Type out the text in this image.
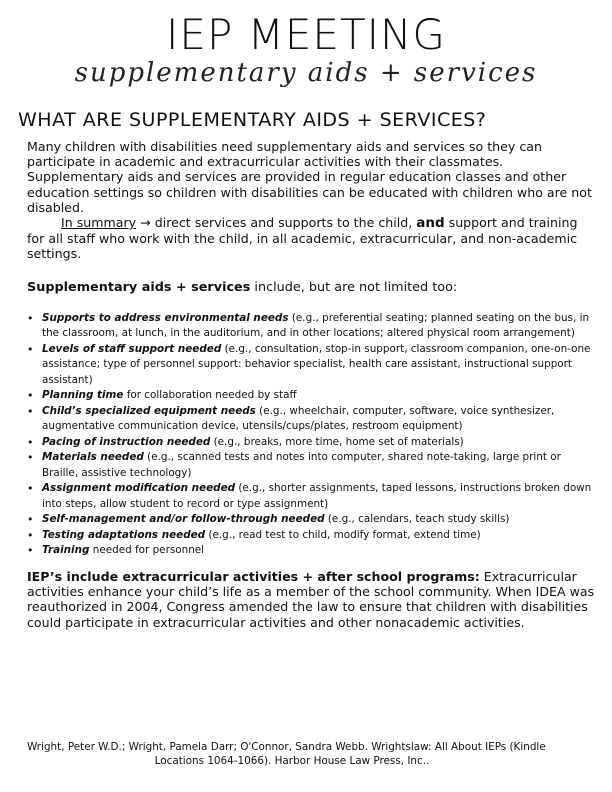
IEP MEETING
supplementary aids + services
WHAT ARE SUPPLEMENTARY AIDS + SERVICES?

Many children with disabilities need supplementary aids and services so they can participate in academic and extracurricular activities with their classmates. Supplementary aids and services are provided in regular education classes and other education settings so children with disabilities can be educated with children who are not disabled.

In summary → direct services and supports to the child, and support and training for all staff who work with the child, in all academic, extracurricular, and non-academic settings.

Supplementary aids + services include, but are not limited too:

• Supports to address environmental needs (e.g., preferential seating; planned seating on the bus, in the classroom, at lunch, in the auditorium, and in other locations; altered physical room arrangement)
• Levels of staff support needed (e.g., consultation, stop-in support, classroom companion, one-on-one assistance; type of personnel support: behavior specialist, health care assistant, instructional support assistant)
• Planning time for collaboration needed by staff
• Child’s specialized equipment needs (e.g., wheelchair, computer, software, voice synthesizer, augmentative communication device, utensils/cups/plates, restroom equipment)
• Pacing of instruction needed (e.g., breaks, more time, home set of materials)
• Materials needed (e.g., scanned tests and notes into computer, shared note-taking, large print or Braille, assistive technology)
• Assignment modification needed (e.g., shorter assignments, taped lessons, instructions broken down into steps, allow student to record or type assignment)
• Self-management and/or follow-through needed (e.g., calendars, teach study skills)
• Testing adaptations needed (e.g., read test to child, modify format, extend time)
• Training needed for personnel

IEP’s include extracurricular activities + after school programs: Extracurricular activities enhance your child’s life as a member of the school community. When IDEA was reauthorized in 2004, Congress amended the law to ensure that children with disabilities could participate in extracurricular activities and other nonacademic activities.

Wright, Peter W.D.; Wright, Pamela Darr; O'Connor, Sandra Webb. Wrightslaw: All About IEPs (Kindle
Locations 1064-1066). Harbor House Law Press, Inc..
